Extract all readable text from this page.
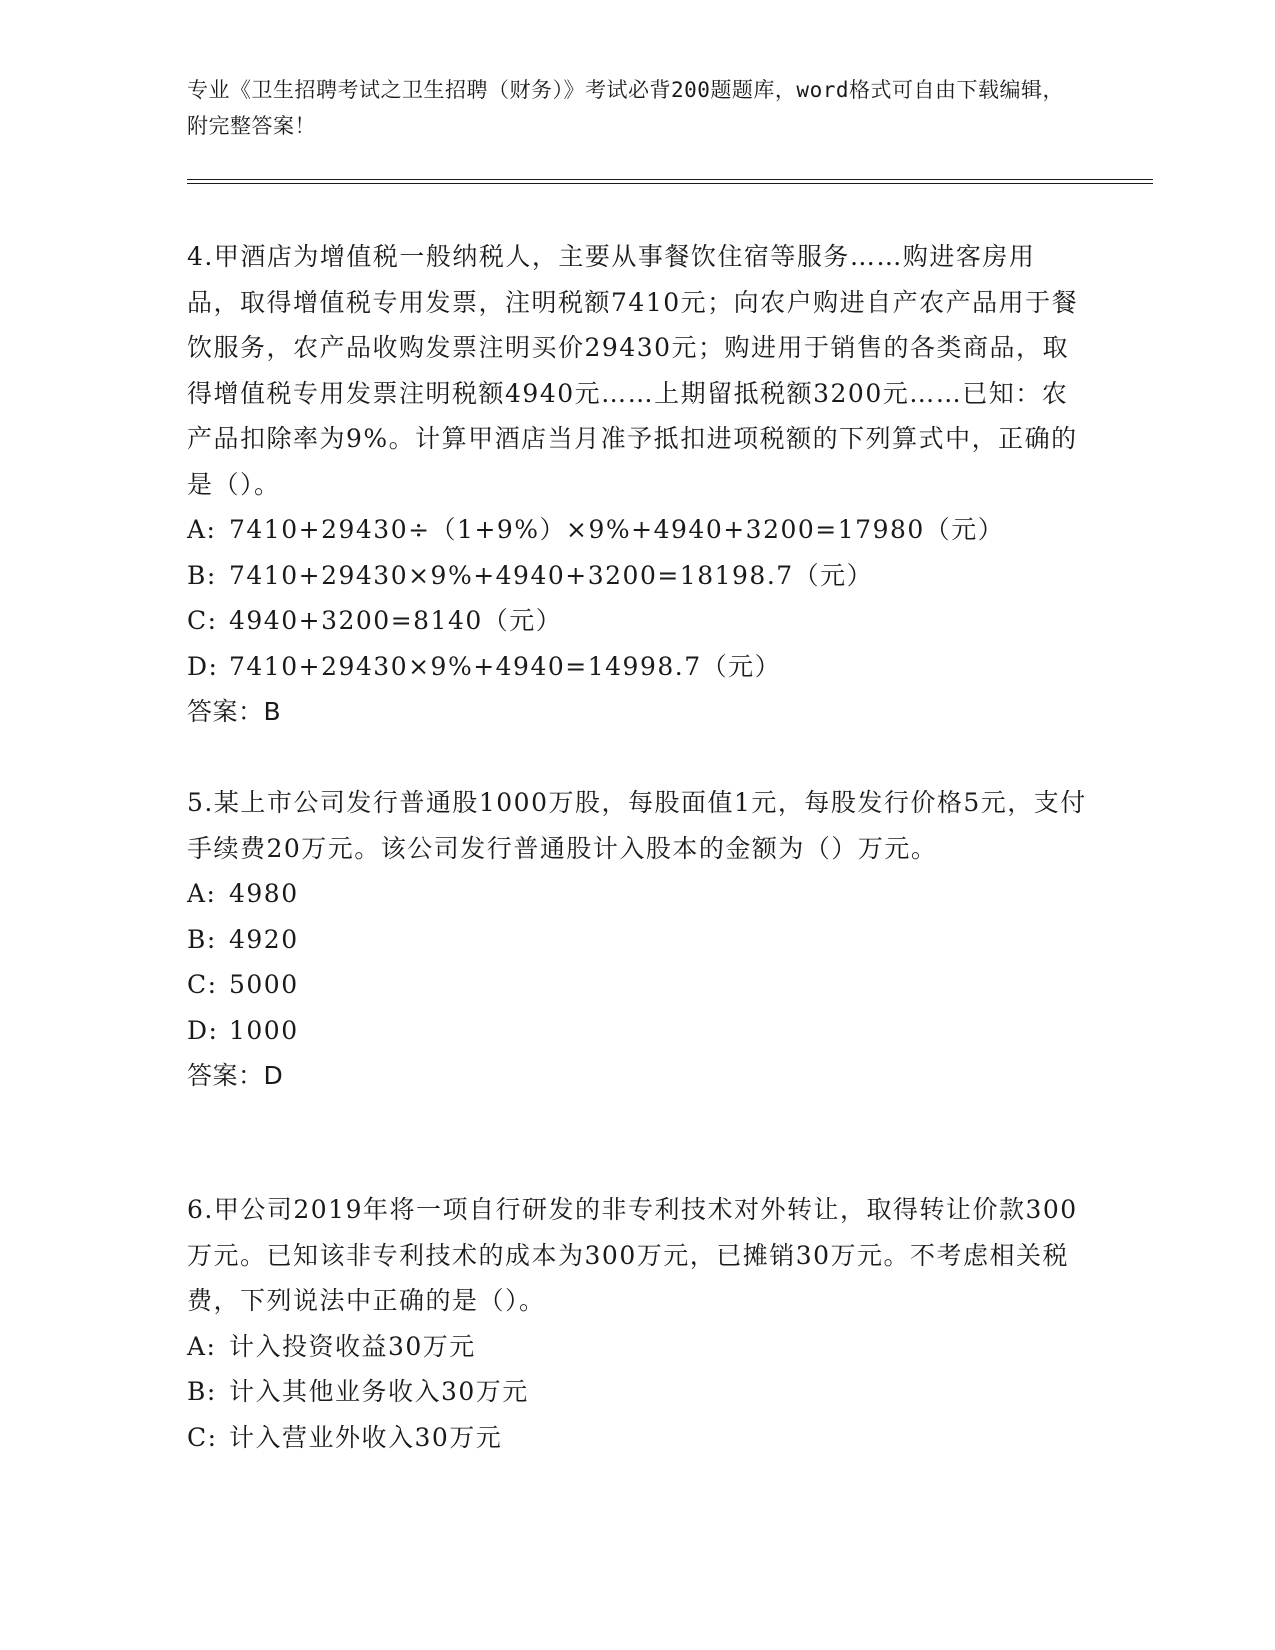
专业《卫生招聘考试之卫生招聘（财务）》考试必背200题题库，word格式可自由下载编辑，附完整答案！

4.甲酒店为增值税一般纳税人，主要从事餐饮住宿等服务……购进客房用品，取得增值税专用发票，注明税额7410元；向农户购进自产农产品用于餐饮服务，农产品收购发票注明买价29430元；购进用于销售的各类商品，取得增值税专用发票注明税额4940元……上期留抵税额3200元……已知：农产品扣除率为9%。计算甲酒店当月准予抵扣进项税额的下列算式中，正确的是（）。

A: 7410+29430÷（1+9%）×9%+4940+3200=17980（元）

B: 7410+29430×9%+4940+3200=18198.7（元）

C: 4940+3200=8140（元）

D: 7410+29430×9%+4940=14998.7（元）

答案：B

5.某上市公司发行普通股1000万股，每股面值1元，每股发行价格5元，支付手续费20万元。该公司发行普通股计入股本的金额为（）万元。

A: 4980

B: 4920

C: 5000

D: 1000

答案：D

6.甲公司2019年将一项自行研发的非专利技术对外转让，取得转让价款300万元。已知该非专利技术的成本为300万元，已摊销30万元。不考虑相关税费，下列说法中正确的是（）。

A: 计入投资收益30万元

B: 计入其他业务收入30万元

C: 计入营业外收入30万元
